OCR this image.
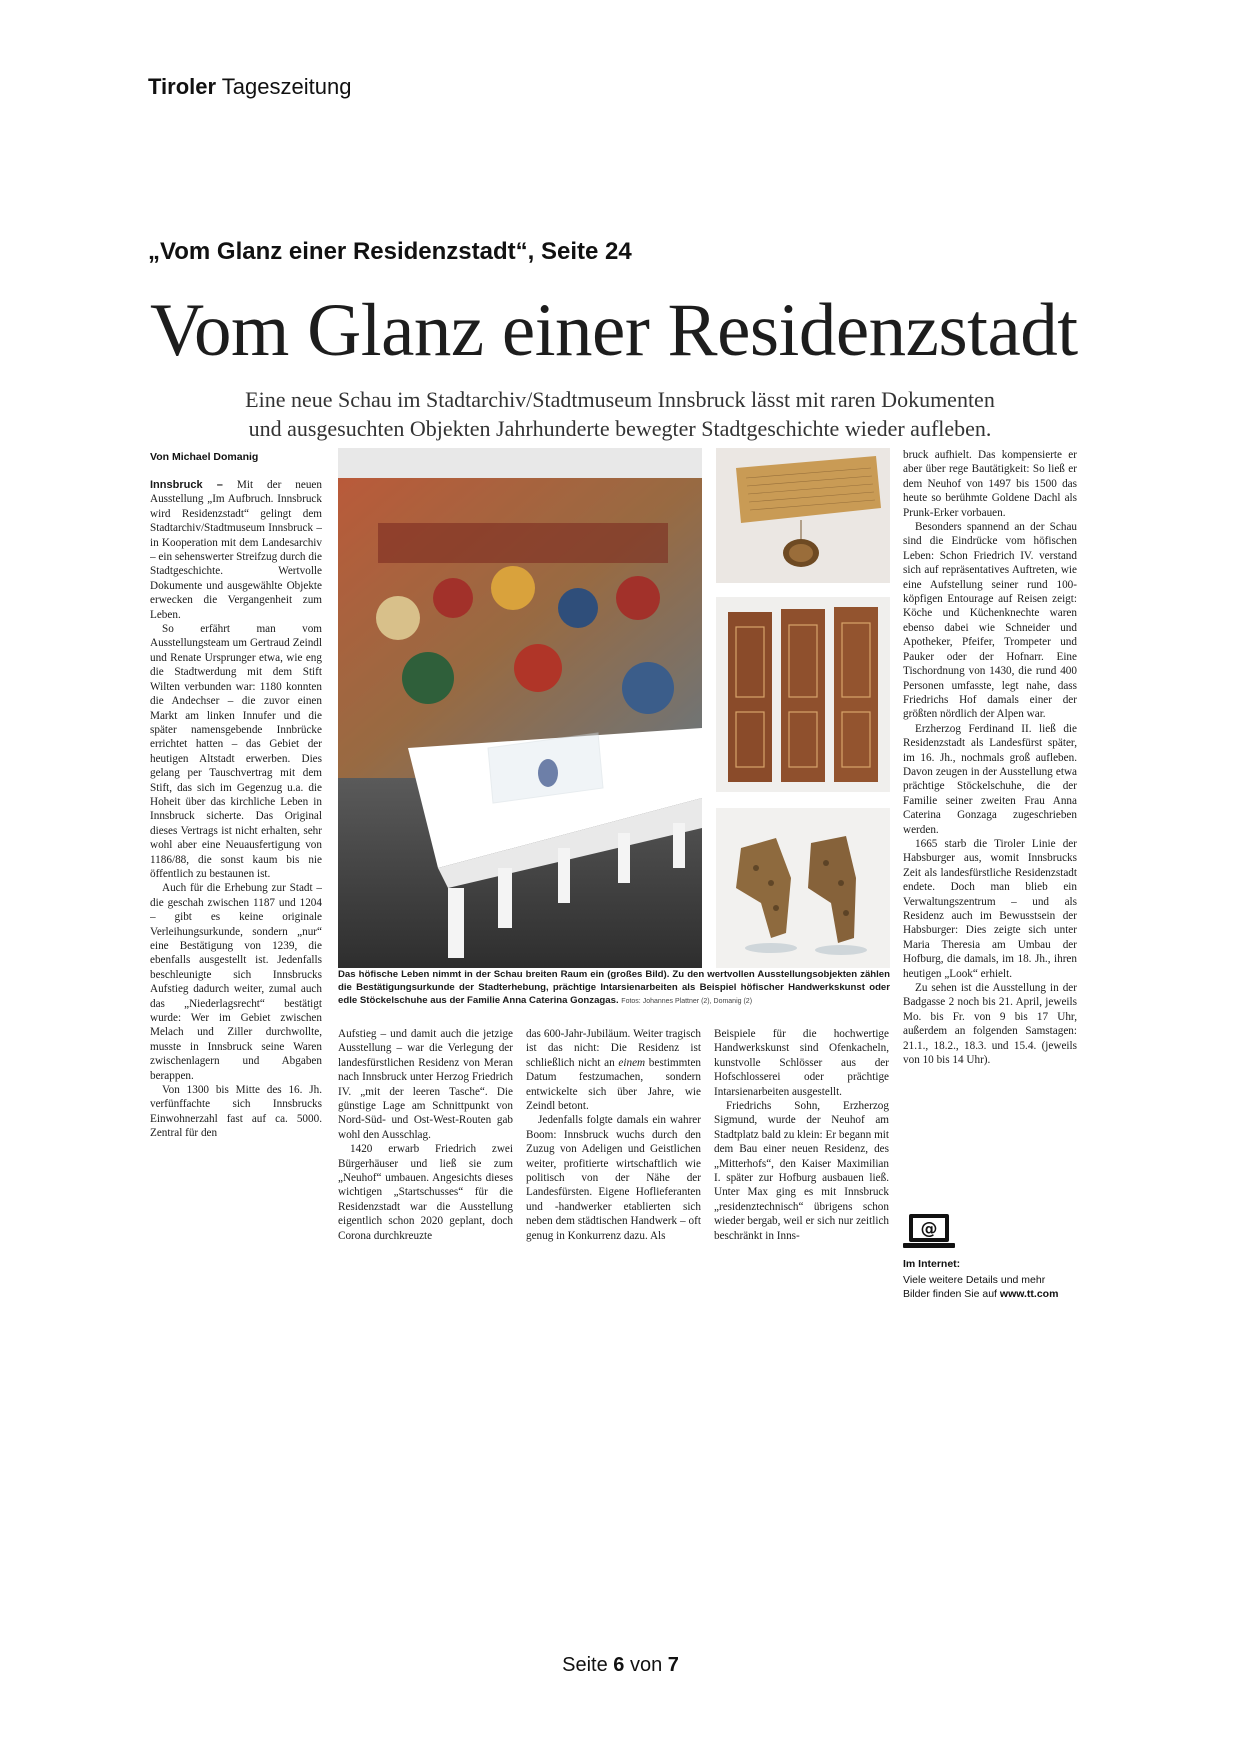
Tiroler Tageszeitung
„Vom Glanz einer Residenzstadt“, Seite 24
Vom Glanz einer Residenzstadt
Eine neue Schau im Stadtarchiv/Stadtmuseum Innsbruck lässt mit raren Dokumenten
und ausgesuchten Objekten Jahrhunderte bewegter Stadtgeschichte wieder aufleben.
Von Michael Domanig

Innsbruck – Mit der neuen Ausstellung „Im Aufbruch. Innsbruck wird Residenzstadt“ gelingt dem Stadtarchiv/Stadtmuseum Innsbruck – in Kooperation mit dem Landesarchiv – ein sehenswerter Streifzug durch die Stadtgeschichte. Wertvolle Dokumente und ausgewählte Objekte erwecken die Vergangenheit zum Leben.

So erfährt man vom Ausstellungsteam um Gertraud Zeindl und Renate Ursprunger etwa, wie eng die Stadtwerdung mit dem Stift Wilten verbunden war: 1180 konnten die Andechser – die zuvor einen Markt am linken Innufer und die später namensgebende Innbrücke errichtet hatten – das Gebiet der heutigen Altstadt erwerben. Dies gelang per Tauschvertrag mit dem Stift, das sich im Gegenzug u.a. die Hoheit über das kirchliche Leben in Innsbruck sicherte. Das Original dieses Vertrags ist nicht erhalten, sehr wohl aber eine Neuausfertigung von 1186/88, die sonst kaum bis nie öffentlich zu bestaunen ist.

Auch für die Erhebung zur Stadt – die geschah zwischen 1187 und 1204 – gibt es keine originale Verleihungsurkunde, sondern „nur“ eine Bestätigung von 1239, die ebenfalls ausgestellt ist. Jedenfalls beschleunigte sich Innsbrucks Aufstieg dadurch weiter, zumal auch das „Niederlagsrecht“ bestätigt wurde: Wer im Gebiet zwischen Melach und Ziller durchwollte, musste in Innsbruck seine Waren zwischenlagern und Abgaben berappen.

Von 1300 bis Mitte des 16. Jh. verfünffachte sich Innsbrucks Einwohnerzahl fast auf ca. 5000. Zentral für den

Das höfische Leben nimmt in der Schau breiten Raum ein (großes Bild). Zu den wertvollen Ausstellungsobjekten zählen die Bestätigungsurkunde der Stadterhebung, prächtige Intarsienarbeiten als Beispiel höfischer Handwerkskunst oder edle Stöckelschuhe aus der Familie Anna Caterina Gonzagas. Fotos: Johannes Plattner (2), Domanig (2)

Aufstieg – und damit auch die jetzige Ausstellung – war die Verlegung der landesfürstlichen Residenz von Meran nach Innsbruck unter Herzog Friedrich IV. „mit der leeren Tasche“. Die günstige Lage am Schnittpunkt von Nord-Süd- und Ost-West-Routen gab wohl den Ausschlag.

1420 erwarb Friedrich zwei Bürgerhäuser und ließ sie zum „Neuhof“ umbauen. Angesichts dieses wichtigen „Startschusses“ für die Residenzstadt war die Ausstellung eigentlich schon 2020 geplant, doch Corona durchkreuzte

das 600-Jahr-Jubiläum. Weiter tragisch ist das nicht: Die Residenz ist schließlich nicht an einem bestimmten Datum festzumachen, sondern entwickelte sich über Jahre, wie Zeindl betont.

Jedenfalls folgte damals ein wahrer Boom: Innsbruck wuchs durch den Zuzug von Adeligen und Geistlichen weiter, profitierte wirtschaftlich wie politisch von der Nähe der Landesfürsten. Eigene Hoflieferanten und -handwerker etablierten sich neben dem städtischen Handwerk – oft genug in Konkurrenz dazu. Als

Beispiele für die hochwertige Handwerkskunst sind Ofenkacheln, kunstvolle Schlösser aus der Hofschlosserei oder prächtige Intarsienarbeiten ausgestellt.

Friedrichs Sohn, Erzherzog Sigmund, wurde der Neuhof am Stadtplatz bald zu klein: Er begann mit dem Bau einer neuen Residenz, des „Mitterhofs“, den Kaiser Maximilian I. später zur Hofburg ausbauen ließ. Unter Max ging es mit Innsbruck „residenztechnisch“ übrigens schon wieder bergab, weil er sich nur zeitlich beschränkt in Inns-

bruck aufhielt. Das kompensierte er aber über rege Bautätigkeit: So ließ er dem Neuhof von 1497 bis 1500 das heute so berühmte Goldene Dachl als Prunk-Erker vorbauen.

Besonders spannend an der Schau sind die Eindrücke vom höfischen Leben: Schon Friedrich IV. verstand sich auf repräsentatives Auftreten, wie eine Aufstellung seiner rund 100-köpfigen Entourage auf Reisen zeigt: Köche und Küchenknechte waren ebenso dabei wie Schneider und Apotheker, Pfeifer, Trompeter und Pauker oder der Hofnarr. Eine Tischordnung von 1430, die rund 400 Personen umfasste, legt nahe, dass Friedrichs Hof damals einer der größten nördlich der Alpen war.

Erzherzog Ferdinand II. ließ die Residenzstadt als Landesfürst später, im 16. Jh., nochmals groß aufleben. Davon zeugen in der Ausstellung etwa prächtige Stöckelschuhe, die der Familie seiner zweiten Frau Anna Caterina Gonzaga zugeschrieben werden.

1665 starb die Tiroler Linie der Habsburger aus, womit Innsbrucks Zeit als landesfürstliche Residenzstadt endete. Doch man blieb ein Verwaltungszentrum – und als Residenz auch im Bewusstsein der Habsburger: Dies zeigte sich unter Maria Theresia am Umbau der Hofburg, die damals, im 18. Jh., ihren heutigen „Look“ erhielt.

Zu sehen ist die Ausstellung in der Badgasse 2 noch bis 21. April, jeweils Mo. bis Fr. von 9 bis 17 Uhr, außerdem an folgenden Samstagen: 21.1., 18.2., 18.3. und 15.4. (jeweils von 10 bis 14 Uhr).

@
Im Internet:
Viele weitere Details und mehr
Bilder finden Sie auf www.tt.com
Seite 6 von 7
